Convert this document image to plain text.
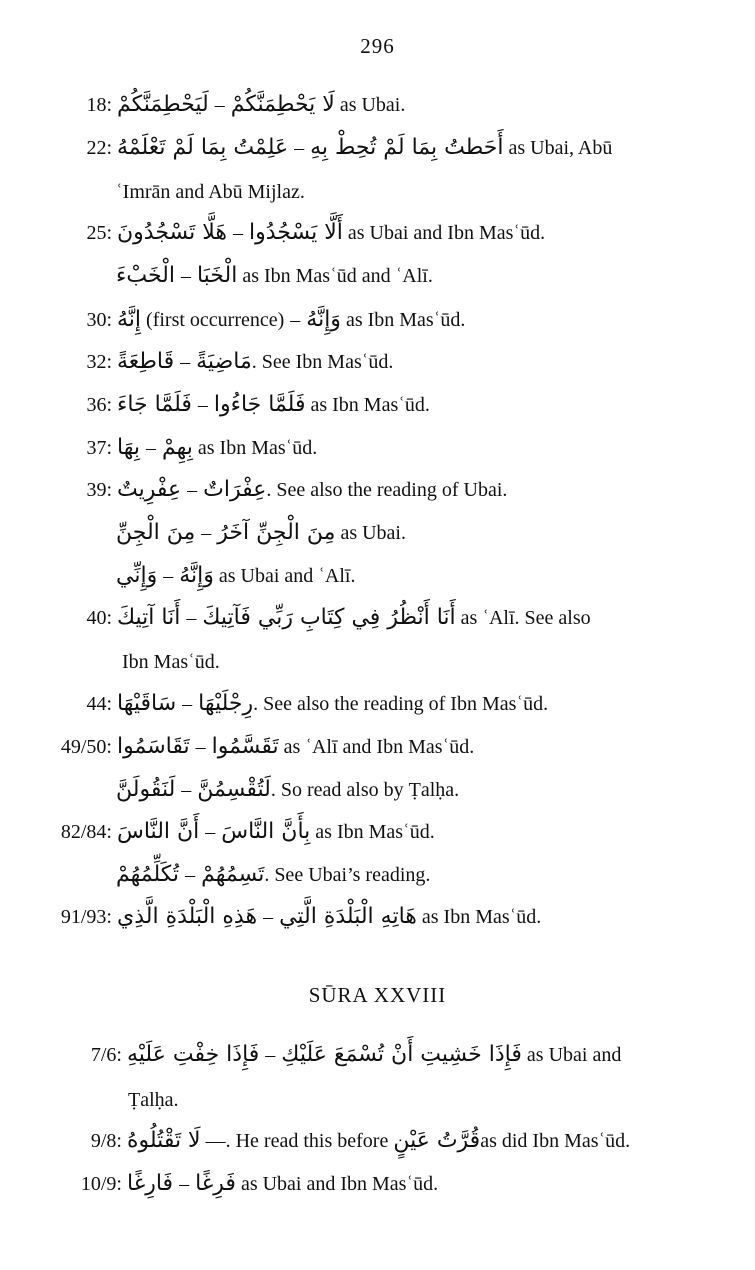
296
18: لَيَحْطِمَنَّكُمْ – لَا يَحْطِمَنَّكُمْ as Ubai.
22: عَلِمْتُ بِمَا لَمْ تَعْلَمْهُ – أَحَطتُ بِمَا لَمْ تُحِطْ بِهِ as Ubai, Abū
ʿImrān and Abū Mijlaz.
25: هَلَّا تَسْجُدُونَ – أَلَّا يَسْجُدُوا as Ubai and Ibn Masʿūd.
الْخَبْءَ – الْخَبَا as Ibn Masʿūd and ʿAlī.
30: إِنَّهُ (first occurrence) – وَإِنَّهُ as Ibn Masʿūd.
32: قَاطِعَةً – مَاضِيَةً. See Ibn Masʿūd.
36: فَلَمَّا جَاءَ – فَلَمَّا جَاءُوا as Ibn Masʿūd.
37: بِهَا – بِهِمْ as Ibn Masʿūd.
39: عِفْرِيتٌ – عِفْرَاتٌ. See also the reading of Ubai.
مِنَ الْجِنِّ – مِنَ الْجِنِّ آخَرُ as Ubai.
وَإِنِّي – وَإِنَّهُ as Ubai and ʿAlī.
40: أَنَا آتِيكَ – أَنَا أَنْظُرُ فِي كِتَابِ رَبِّي فَآتِيكَ as ʿAlī. See also
Ibn Masʿūd.
44: سَاقَيْهَا – رِجْلَيْهَا. See also the reading of Ibn Masʿūd.
49/50: تَقَاسَمُوا – تَقَسَّمُوا as ʿAlī and Ibn Masʿūd.
لَنَقُولَنَّ – لَتُقْسِمُنَّ. So read also by Ṭalḥa.
82/84: أَنَّ النَّاسَ – بِأَنَّ النَّاسَ as Ibn Masʿūd.
تُكَلِّمُهُمْ – تَسِمُهُمْ. See Ubai’s reading.
91/93: هَذِهِ الْبَلْدَةِ الَّذِي – هَاتِهِ الْبَلْدَةِ الَّتِي as Ibn Masʿūd.
SŪRA XXVIII
7/6: فَإِذَا خِفْتِ عَلَيْهِ – فَإِذَا خَشِيتِ أَنْ تُسْمَعَ عَلَيْكِ as Ubai and
Ṭalḥa.
9/8: لَا تَقْتُلُوهُ —. He read this before قُرَّتُ عَيْنٍas did Ibn Masʿūd.
10/9: فَارِغًا – فَرِغًا as Ubai and Ibn Masʿūd.
